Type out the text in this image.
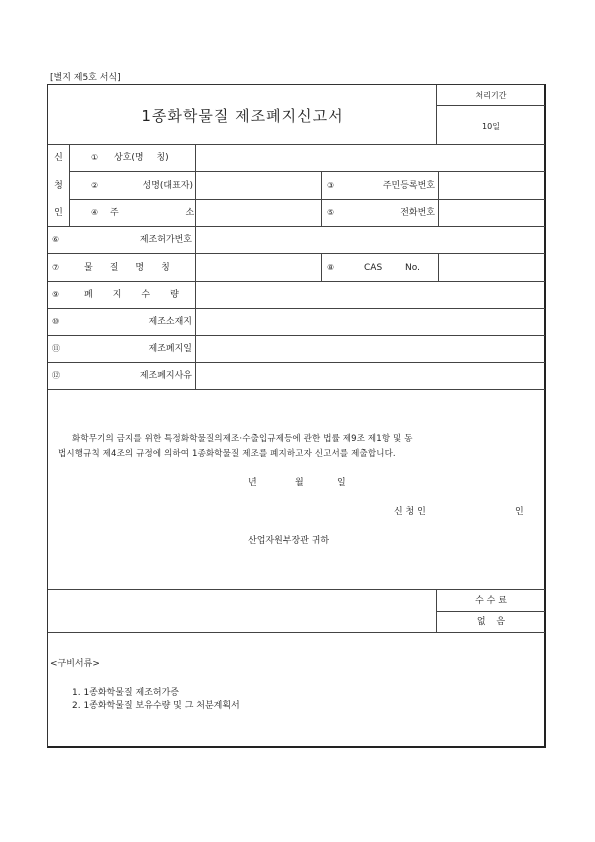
[별지 제5호 서식]
1종화학물질 제조폐지신고서
처리기간
10일
신
청
인
① 상호(명 칭)
②	성명(대표자)	③	주민등록번호
④ 주 소	⑤	전화번호
⑥	제조허가번호
⑦	물질명칭	⑧	CAS No.
⑨	폐지수량
⑩	제조소재지
⑪	제조폐지일
⑫	제조폐지사유
화학무기의 금지를 위한 특정화학물질의제조·수출입규제등에 관한 법률 제9조 제1항 및 동
법시행규칙 제4조의 규정에 의하여 1종화학물질 제조를 폐지하고자 신고서를 제출합니다.
년	월	일
신 청 인	인
산업자원부장관 귀하
수 수 료
없 음
<구비서류>
1. 1종화학물질 제조허가증
2. 1종화학물질 보유수량 및 그 처분계획서
